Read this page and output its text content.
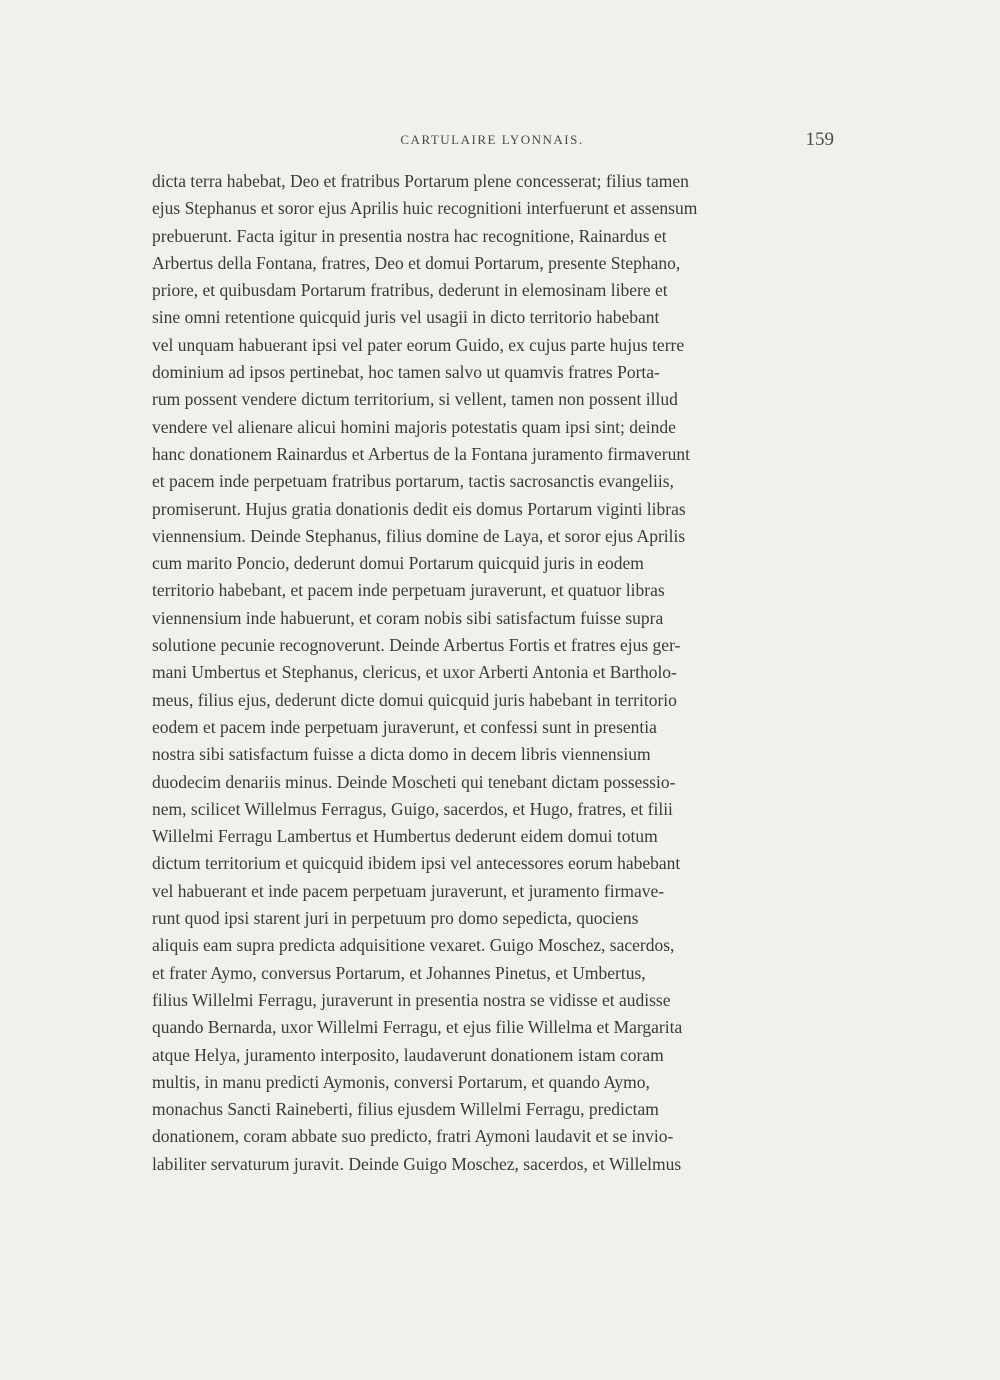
CARTULAIRE LYONNAIS.	159
dicta terra habebat, Deo et fratribus Portarum plene concesserat; filius tamen
ejus Stephanus et soror ejus Aprilis huic recognitioni interfuerunt et assensum
prebuerunt. Facta igitur in presentia nostra hac recognitione, Rainardus et
Arbertus della Fontana, fratres, Deo et domui Portarum, presente Stephano,
priore, et quibusdam Portarum fratribus, dederunt in elemosinam libere et
sine omni retentione quicquid juris vel usagii in dicto territorio habebant
vel unquam habuerant ipsi vel pater eorum Guido, ex cujus parte hujus terre
dominium ad ipsos pertinebat, hoc tamen salvo ut quamvis fratres Porta-
rum possent vendere dictum territorium, si vellent, tamen non possent illud
vendere vel alienare alicui homini majoris potestatis quam ipsi sint; deinde
hanc donationem Rainardus et Arbertus de la Fontana juramento firmaverunt
et pacem inde perpetuam fratribus portarum, tactis sacrosanctis evangeliis,
promiserunt. Hujus gratia donationis dedit eis domus Portarum viginti libras
viennensium. Deinde Stephanus, filius domine de Laya, et soror ejus Aprilis
cum marito Poncio, dederunt domui Portarum quicquid juris in eodem
territorio habebant, et pacem inde perpetuam juraverunt, et quatuor libras
viennensium inde habuerunt, et coram nobis sibi satisfactum fuisse supra
solutione pecunie recognoverunt. Deinde Arbertus Fortis et fratres ejus ger-
mani Umbertus et Stephanus, clericus, et uxor Arberti Antonia et Bartholo-
meus, filius ejus, dederunt dicte domui quicquid juris habebant in territorio
eodem et pacem inde perpetuam juraverunt, et confessi sunt in presentia
nostra sibi satisfactum fuisse a dicta domo in decem libris viennensium
duodecim denariis minus. Deinde Moscheti qui tenebant dictam possessio-
nem, scilicet Willelmus Ferragus, Guigo, sacerdos, et Hugo, fratres, et filii
Willelmi Ferragu Lambertus et Humbertus dederunt eidem domui totum
dictum territorium et quicquid ibidem ipsi vel antecessores eorum habebant
vel habuerant et inde pacem perpetuam juraverunt, et juramento firmave-
runt quod ipsi starent juri in perpetuum pro domo sepedicta, quociens
aliquis eam supra predicta adquisitione vexaret. Guigo Moschez, sacerdos,
et frater Aymo, conversus Portarum, et Johannes Pinetus, et Umbertus,
filius Willelmi Ferragu, juraverunt in presentia nostra se vidisse et audisse
quando Bernarda, uxor Willelmi Ferragu, et ejus filie Willelma et Margarita
atque Helya, juramento interposito, laudaverunt donationem istam coram
multis, in manu predicti Aymonis, conversi Portarum, et quando Aymo,
monachus Sancti Raineberti, filius ejusdem Willelmi Ferragu, predictam
donationem, coram abbate suo predicto, fratri Aymoni laudavit et se invio-
labiliter servaturum juravit. Deinde Guigo Moschez, sacerdos, et Willelmus
